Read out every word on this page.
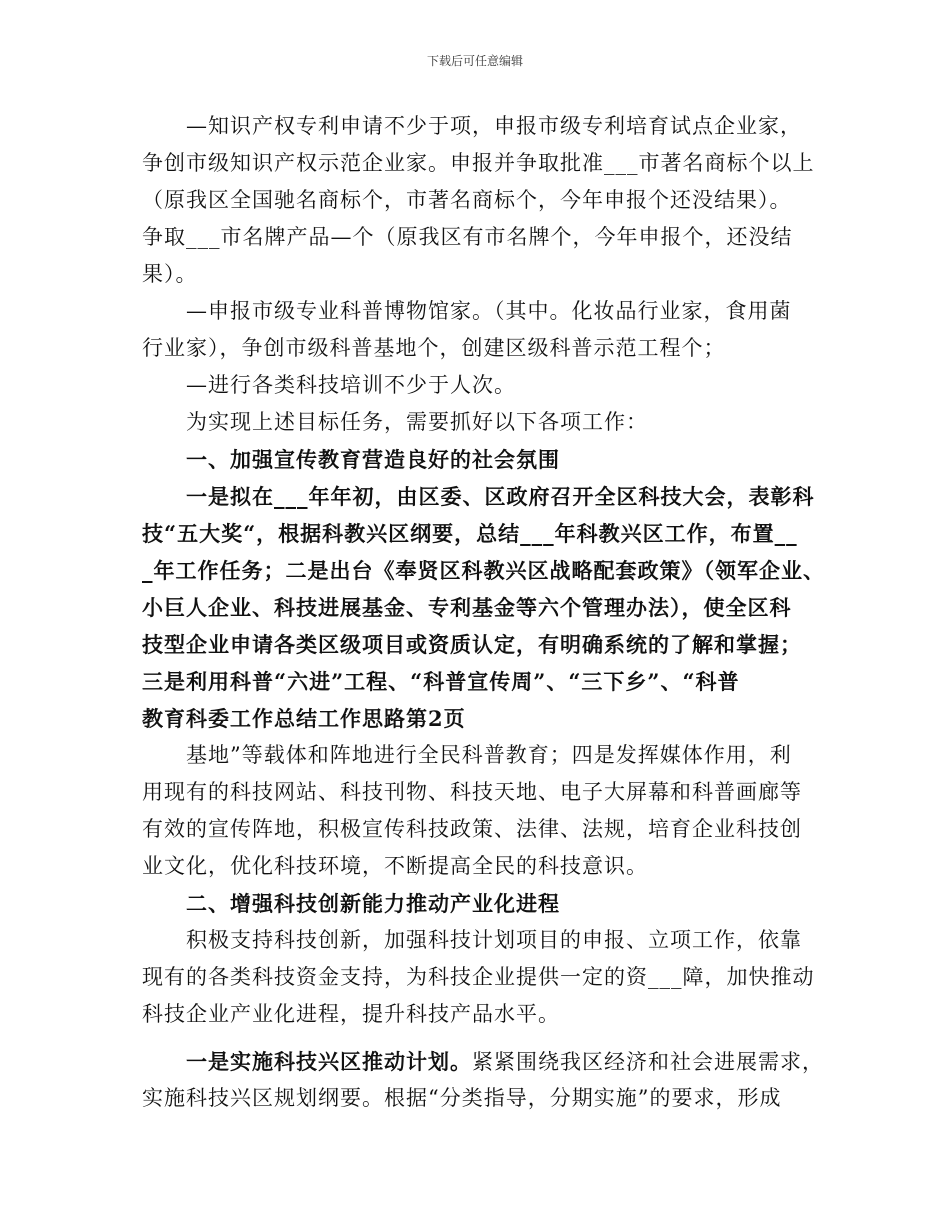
下载后可任意编辑
—知识产权专利申请不少于项，申报市级专利培育试点企业家，
争创市级知识产权示范企业家。申报并争取批准___市著名商标个以上
（原我区全国驰名商标个，市著名商标个，今年申报个还没结果）。
争取___市名牌产品—个（原我区有市名牌个，今年申报个，还没结
果）。
—申报市级专业科普博物馆家。（其中。化妆品行业家，食用菌
行业家），争创市级科普基地个，创建区级科普示范工程个；
—进行各类科技培训不少于人次。
为实现上述目标任务，需要抓好以下各项工作：
一、加强宣传教育营造良好的社会氛围
一是拟在___年年初，由区委、区政府召开全区科技大会，表彰科
技“五大奖“，根据科教兴区纲要，总结___年科教兴区工作，布置__
_年工作任务；二是出台《奉贤区科教兴区战略配套政策》（领军企业、
小巨人企业、科技进展基金、专利基金等六个管理办法），使全区科
技型企业申请各类区级项目或资质认定，有明确系统的了解和掌握；
三是利用科普“六进”工程、“科普宣传周”、“三下乡”、“科普
教育科委工作总结工作思路第2页
基地”等载体和阵地进行全民科普教育；四是发挥媒体作用，利
用现有的科技网站、科技刊物、科技天地、电子大屏幕和科普画廊等
有效的宣传阵地，积极宣传科技政策、法律、法规，培育企业科技创
业文化，优化科技环境，不断提高全民的科技意识。
二、增强科技创新能力推动产业化进程
积极支持科技创新，加强科技计划项目的申报、立项工作，依靠
现有的各类科技资金支持，为科技企业提供一定的资___障，加快推动
科技企业产业化进程，提升科技产品水平。
一是实施科技兴区推动计划。紧紧围绕我区经济和社会进展需求，
实施科技兴区规划纲要。根据“分类指导，分期实施”的要求，形成
